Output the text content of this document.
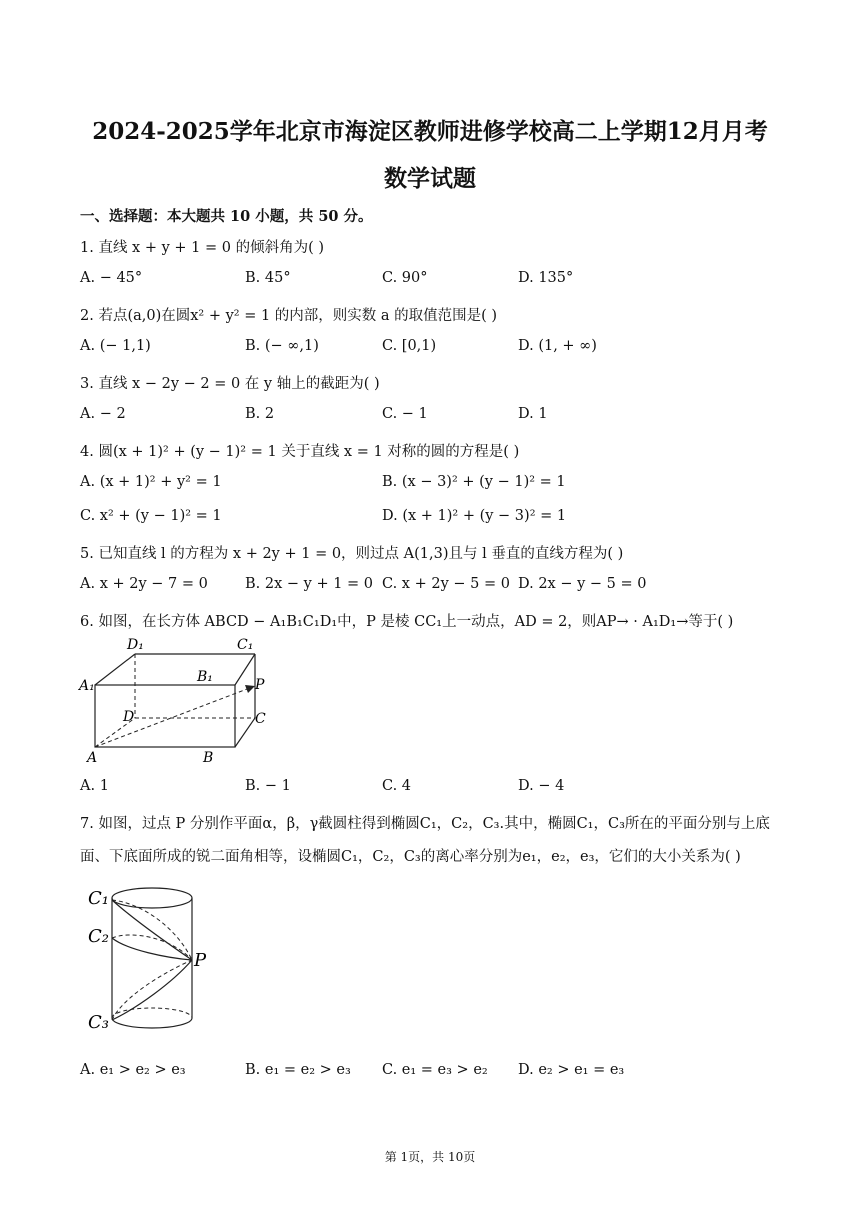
2024-2025学年北京市海淀区教师进修学校高二上学期12月月考
数学试题
一、选择题：本大题共 10 小题，共 50 分。
1. 直线 x + y + 1 = 0 的倾斜角为( )
A. − 45°	B. 45°	C. 90°	D. 135°
2. 若点(a,0)在圆x² + y² = 1 的内部，则实数 a 的取值范围是( )
A. (− 1,1)	B. (− ∞,1)	C. [0,1)	D. (1, + ∞)
3. 直线 x − 2y − 2 = 0 在 y 轴上的截距为( )
A. − 2	B. 2	C. − 1	D. 1
4. 圆(x + 1)² + (y − 1)² = 1 关于直线 x = 1 对称的圆的方程是( )
A. (x + 1)² + y² = 1	B. (x − 3)² + (y − 1)² = 1
C. x² + (y − 1)² = 1	D. (x + 1)² + (y − 3)² = 1
5. 已知直线 l 的方程为 x + 2y + 1 = 0，则过点 A(1,3)且与 l 垂直的直线方程为( )
A. x + 2y − 7 = 0	B. 2x − y + 1 = 0 C. x + 2y − 5 = 0 D. 2x − y − 5 = 0
6. 如图，在长方体 ABCD − A₁B₁C₁D₁中，P 是棱 CC₁上一动点，AD = 2，则AP→ · A₁D₁→等于( )
D₁	C₁
A₁
B₁	P
D	C
A	B
A. 1	B. − 1	C. 4	D. − 4
7. 如图，过点 P 分别作平面α，β，γ截圆柱得到椭圆C₁，C₂，C₃.其中，椭圆C₁，C₃所在的平面分别与上底
面、下底面所成的锐二面角相等，设椭圆C₁，C₂，C₃的离心率分别为e₁，e₂，e₃，它们的大小关系为( )
C₁
C₂
P
C₃
A. e₁ > e₂ > e₃	B. e₁ = e₂ > e₃ C. e₁ = e₃ > e₂ D. e₂ > e₁ = e₃
第 1页，共 10页
